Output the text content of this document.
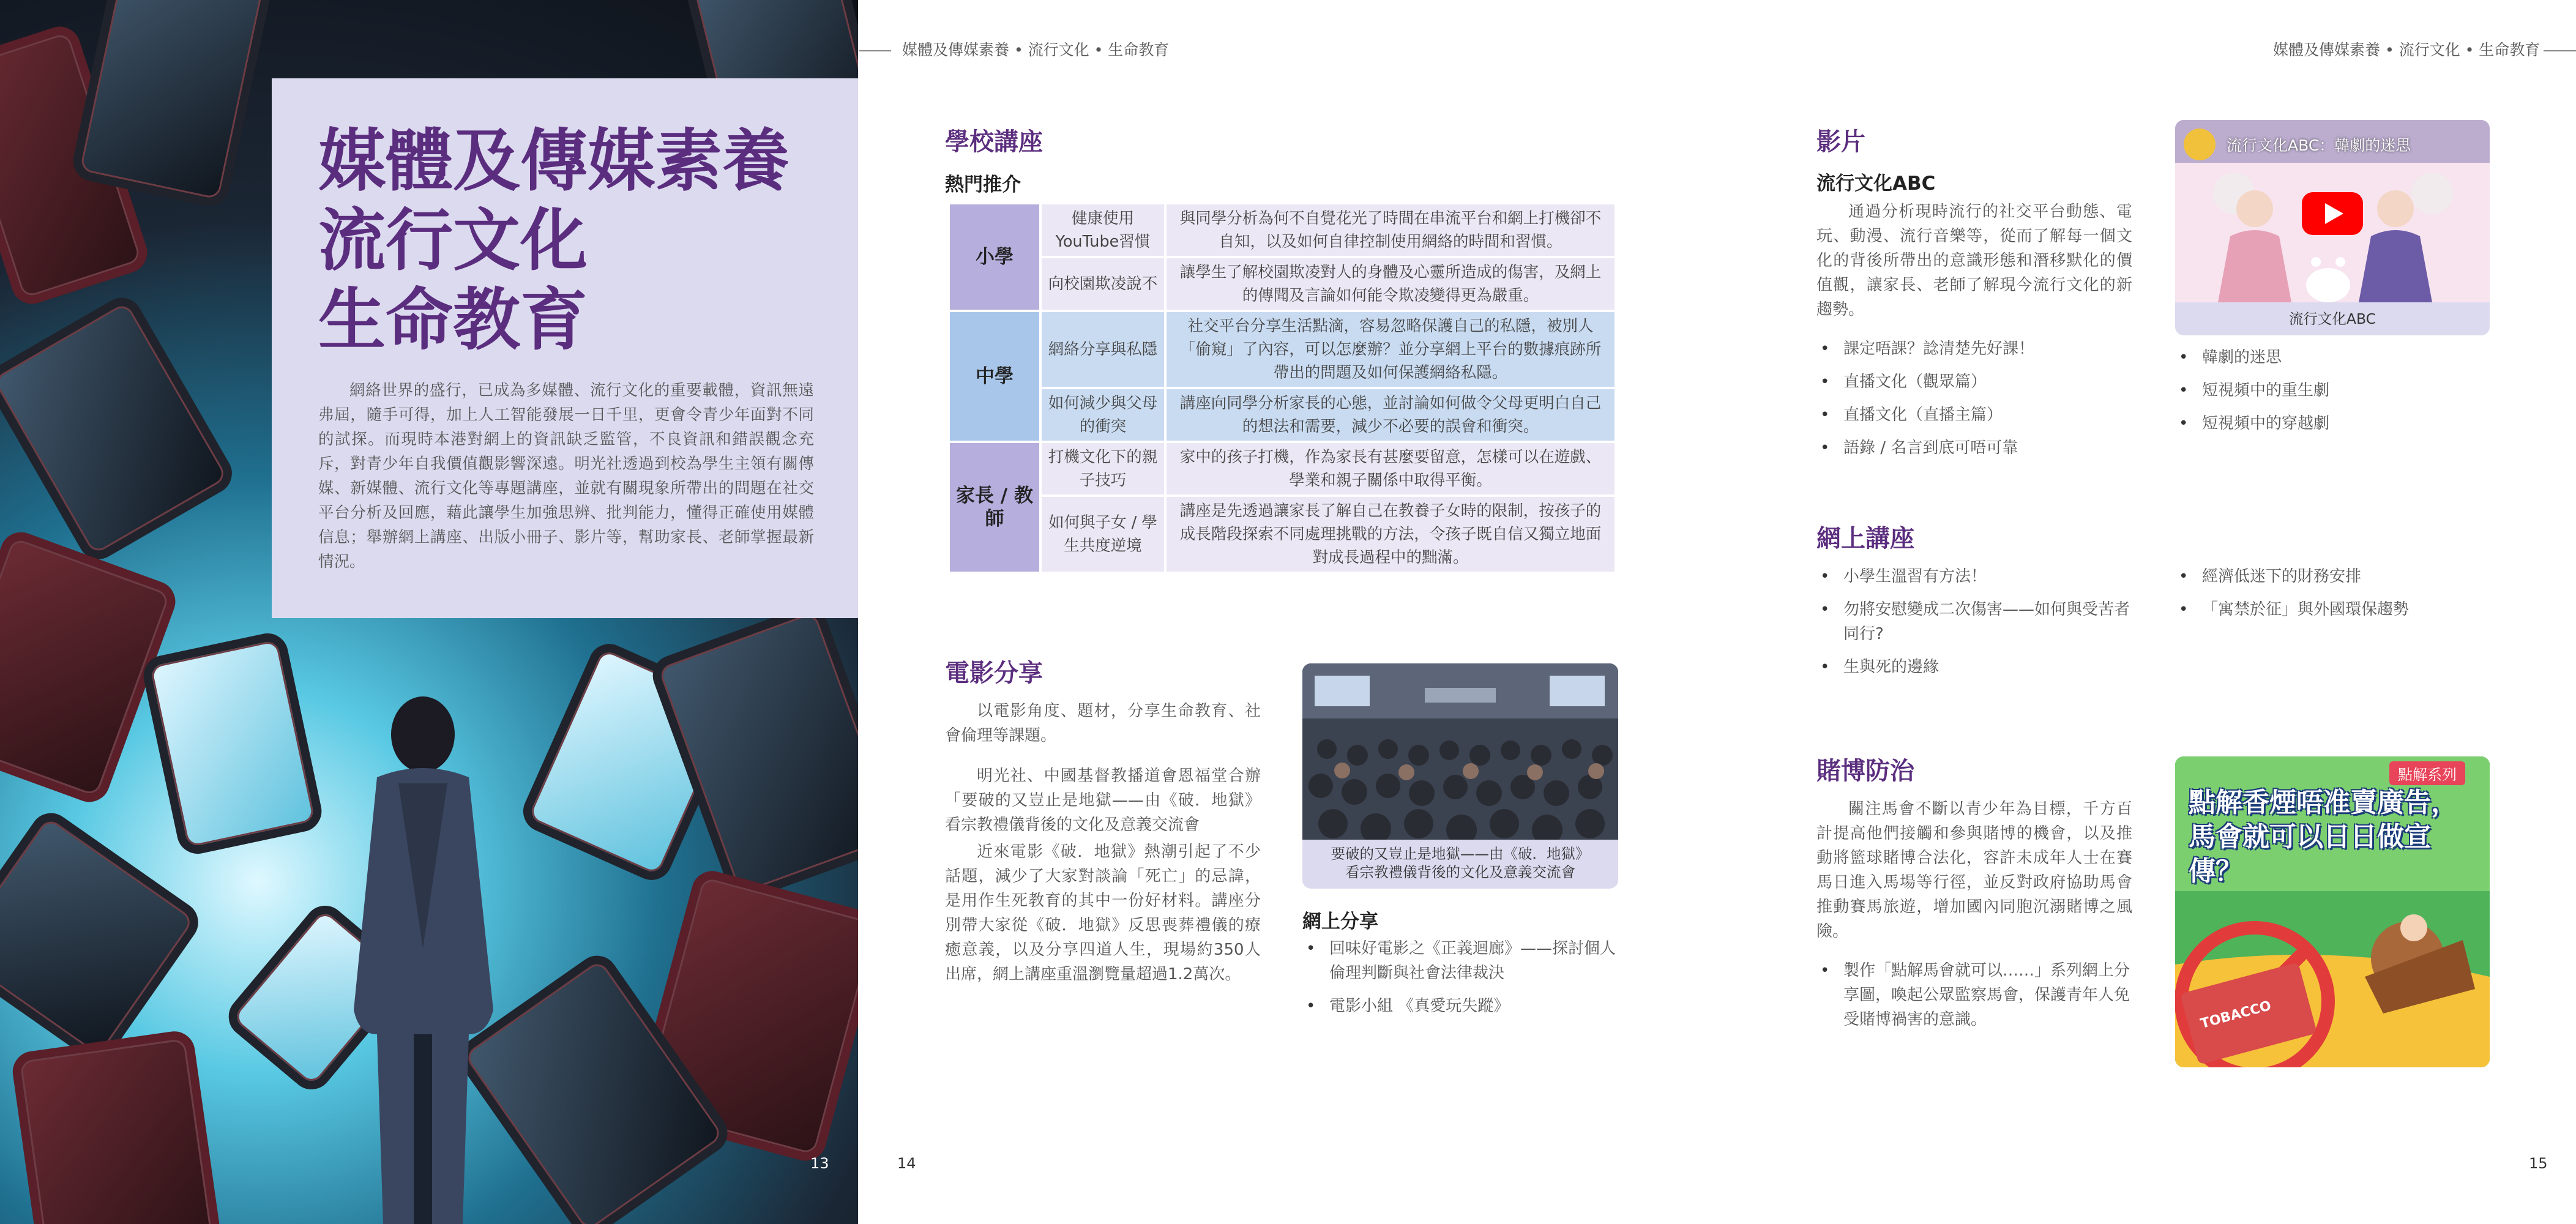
媒體及傳媒素養
流行文化
生命教育

網絡世界的盛行，已成為多媒體、流行文化的重要載體，資訊無遠弗屆，隨手可得，加上人工智能發展一日千里，更會令青少年面對不同的試探。而現時本港對網上的資訊缺乏監管，不良資訊和錯誤觀念充斥，對青少年自我價值觀影響深遠。明光社透過到校為學生主領有關傳媒、新媒體、流行文化等專題講座，並就有關現象所帶出的問題在社交平台分析及回應，藉此讓學生加強思辨、批判能力，懂得正確使用媒體信息；舉辦網上講座、出版小冊子、影片等，幫助家長、老師掌握最新情況。

13
媒體及傳媒素養 • 流行文化 • 生命教育
學校講座
熱門推介
小學	健康使用YouTube習慣	與同學分析為何不自覺花光了時間在串流平台和網上打機卻不自知，以及如何自律控制使用網絡的時間和習慣。
	向校園欺凌說不	讓學生了解校園欺凌對人的身體及心靈所造成的傷害，及網上的傳聞及言論如何能令欺凌變得更為嚴重。
中學	網絡分享與私隱	社交平台分享生活點滴，容易忽略保護自己的私隱，被別人「偷窺」了內容，可以怎麼辦？並分享網上平台的數據痕跡所帶出的問題及如何保護網絡私隱。
	如何減少與父母的衝突	講座向同學分析家長的心態，並討論如何做令父母更明白自己的想法和需要，減少不必要的誤會和衝突。
家長 / 教師	打機文化下的親子技巧	家中的孩子打機，作為家長有甚麼要留意，怎樣可以在遊戲、學業和親子關係中取得平衡。
	如何與子女 / 學生共度逆境	講座是先透過讓家長了解自己在教養子女時的限制，按孩子的成長階段探索不同處理挑戰的方法，令孩子既自信又獨立地面對成長過程中的黜滿。
電影分享

以電影角度、題材，分享生命教育、社會倫理等課題。

明光社、中國基督教播道會恩福堂合辦「要破的又豈止是地獄——由《破．地獄》看宗教禮儀背後的文化及意義交流會

近來電影《破．地獄》熱潮引起了不少話題，減少了大家對談論「死亡」的忌諱，是用作生死教育的其中一份好材料。講座分別帶大家從《破．地獄》反思喪葬禮儀的療癒意義，以及分享四道人生，現場約350人出席，網上講座重溫瀏覽量超過1.2萬次。

要破的又豈止是地獄——由《破．地獄》看宗教禮儀背後的文化及意義交流會
網上分享
• 回味好電影之《正義迴廊》——探討個人倫理判斷與社會法律裁決
• 電影小組 《真愛玩失蹤》
14
媒體及傳媒素養 • 流行文化 • 生命教育
影片
流行文化ABC

通過分析現時流行的社交平台動態、電玩、動漫、流行音樂等，從而了解每一個文化的背後所帶出的意識形態和潛移默化的價值觀，讓家長、老師了解現今流行文化的新趨勢。

• 課定唔課？諗清楚先好課！
• 直播文化（觀眾篇）
• 直播文化（直播主篇）
• 語錄 / 名言到底可唔可靠
流行文化ABC：韓劇的迷思
流行文化ABC
• 韓劇的迷思
• 短視頻中的重生劇
• 短視頻中的穿越劇
網上講座
• 小學生溫習有方法！
• 勿將安慰變成二次傷害——如何與受苦者同行?
• 生與死的邊緣
• 經濟低迷下的財務安排
• 「寓禁於征」與外國環保趨勢
賭博防治

關注馬會不斷以青少年為目標，千方百計提高他們接觸和參與賭博的機會，以及推動將籃球賭博合法化，容許未成年人士在賽馬日進入馬場等行徑，並反對政府協助馬會推動賽馬旅遊，增加國內同胞沉溺賭博之風險。

• 製作「點解馬會就可以……」系列網上分享圖，喚起公眾監察馬會，保護青年人免受賭博禍害的意識。
點解系列
點解香煙唔准賣廣告，馬會就可以日日做宣傳？
TOBACCO
15
